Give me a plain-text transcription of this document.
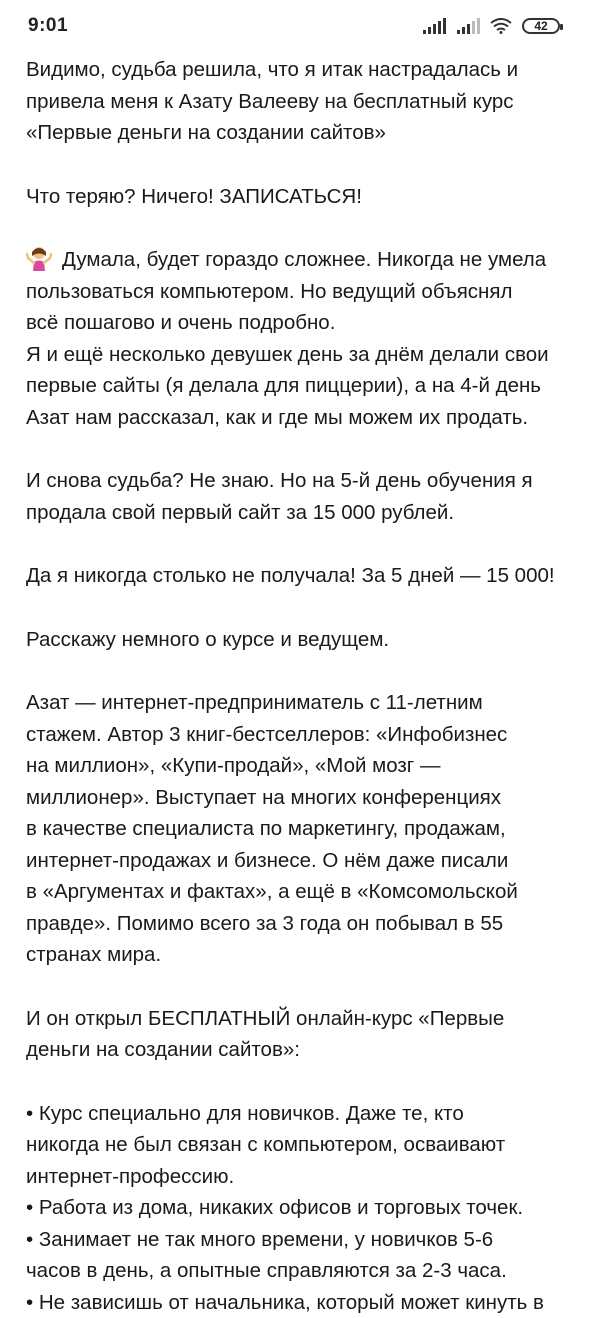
9:01	42
Видимо, судьба решила, что я итак настрадалась и
привела меня к Азату Валееву на бесплатный курс
«Первые деньги на создании сайтов»
Что теряю? Ничего! ЗАПИСАТЬСЯ!
Думала, будет гораздо сложнее. Никогда не умела
пользоваться компьютером. Но ведущий объяснял
всё пошагово и очень подробно.
Я и ещё несколько девушек день за днём делали свои
первые сайты (я делала для пиццерии), а на 4-й день
Азат нам рассказал, как и где мы можем их продать.
И снова судьба? Не знаю. Но на 5-й день обучения я
продала свой первый сайт за 15 000 рублей.
Да я никогда столько не получала! За 5 дней — 15 000!
Расскажу немного о курсе и ведущем.
Азат — интернет-предприниматель с 11-летним
стажем. Автор 3 книг-бестселлеров: «Инфобизнес
на миллион», «Купи-продай», «Мой мозг —
миллионер». Выступает на многих конференциях
в качестве специалиста по маркетингу, продажам,
интернет-продажах и бизнесе. О нём даже писали
в «Аргументах и фактах», а ещё в «Комсомольской
правде». Помимо всего за 3 года он побывал в 55
странах мира.
И он открыл БЕСПЛАТНЫЙ онлайн-курс «Первые
деньги на создании сайтов»:
• Курс специально для новичков. Даже те, кто
никогда не был связан с компьютером, осваивают
интернет-профессию.
• Работа из дома, никаких офисов и торговых точек.
• Занимает не так много времени, у новичков 5-6
часов в день, а опытные справляются за 2-3 часа.
• Не зависишь от начальника, который может кинуть в
